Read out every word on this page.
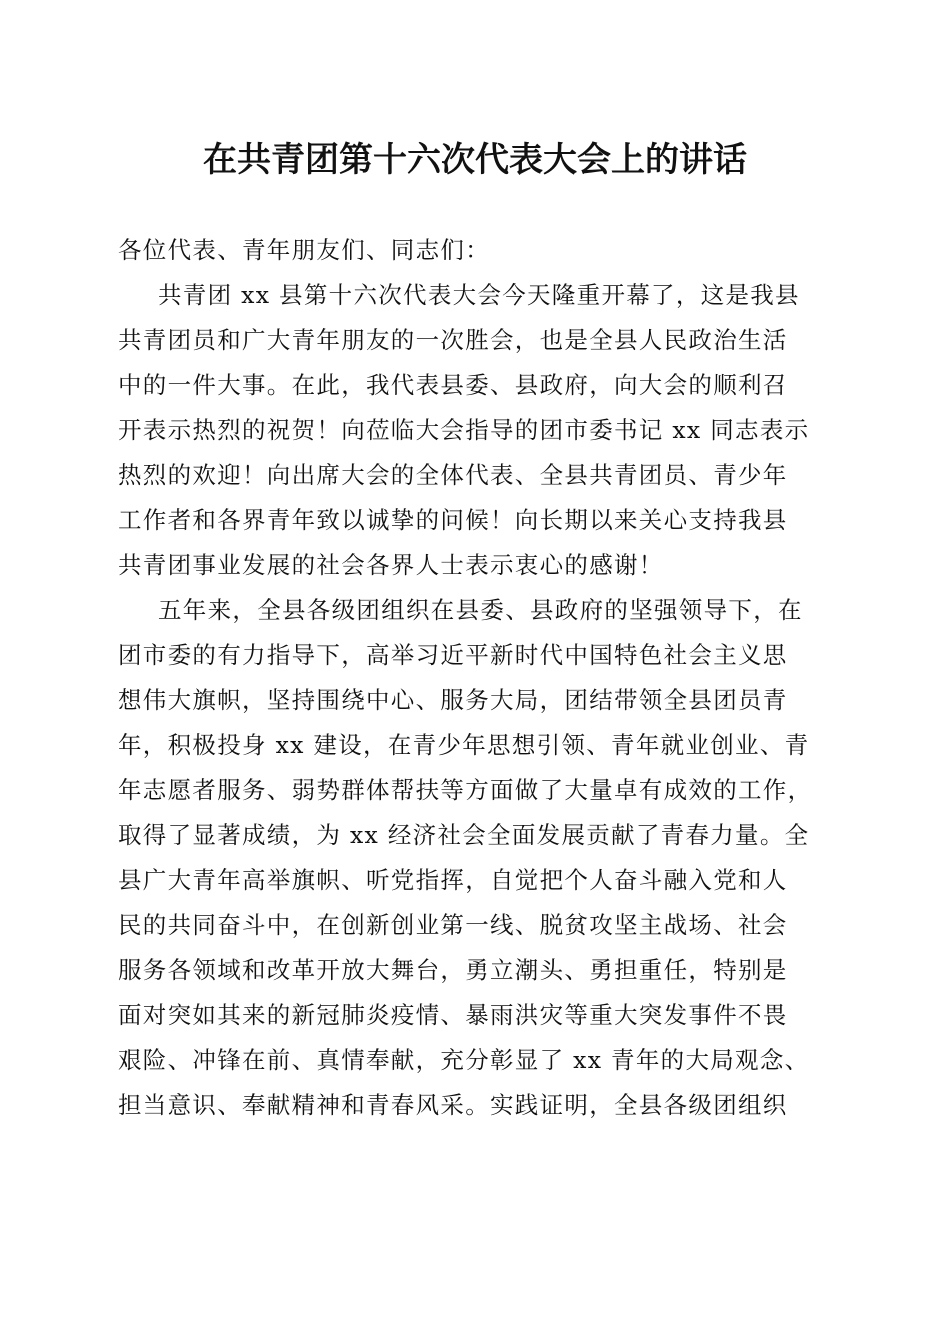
在共青团第十六次代表大会上的讲话
各位代表、青年朋友们、同志们：
共青团 xx 县第十六次代表大会今天隆重开幕了，这是我县
共青团员和广大青年朋友的一次胜会，也是全县人民政治生活
中的一件大事。在此，我代表县委、县政府，向大会的顺利召
开表示热烈的祝贺！向莅临大会指导的团市委书记 xx 同志表示
热烈的欢迎！向出席大会的全体代表、全县共青团员、青少年
工作者和各界青年致以诚挚的问候！向长期以来关心支持我县
共青团事业发展的社会各界人士表示衷心的感谢！
五年来，全县各级团组织在县委、县政府的坚强领导下，在
团市委的有力指导下，高举习近平新时代中国特色社会主义思
想伟大旗帜，坚持围绕中心、服务大局，团结带领全县团员青
年，积极投身 xx 建设，在青少年思想引领、青年就业创业、青
年志愿者服务、弱势群体帮扶等方面做了大量卓有成效的工作，
取得了显著成绩，为 xx 经济社会全面发展贡献了青春力量。全
县广大青年高举旗帜、听党指挥，自觉把个人奋斗融入党和人
民的共同奋斗中，在创新创业第一线、脱贫攻坚主战场、社会
服务各领域和改革开放大舞台，勇立潮头、勇担重任，特别是
面对突如其来的新冠肺炎疫情、暴雨洪灾等重大突发事件不畏
艰险、冲锋在前、真情奉献，充分彰显了 xx 青年的大局观念、
担当意识、奉献精神和青春风采。实践证明，全县各级团组织
